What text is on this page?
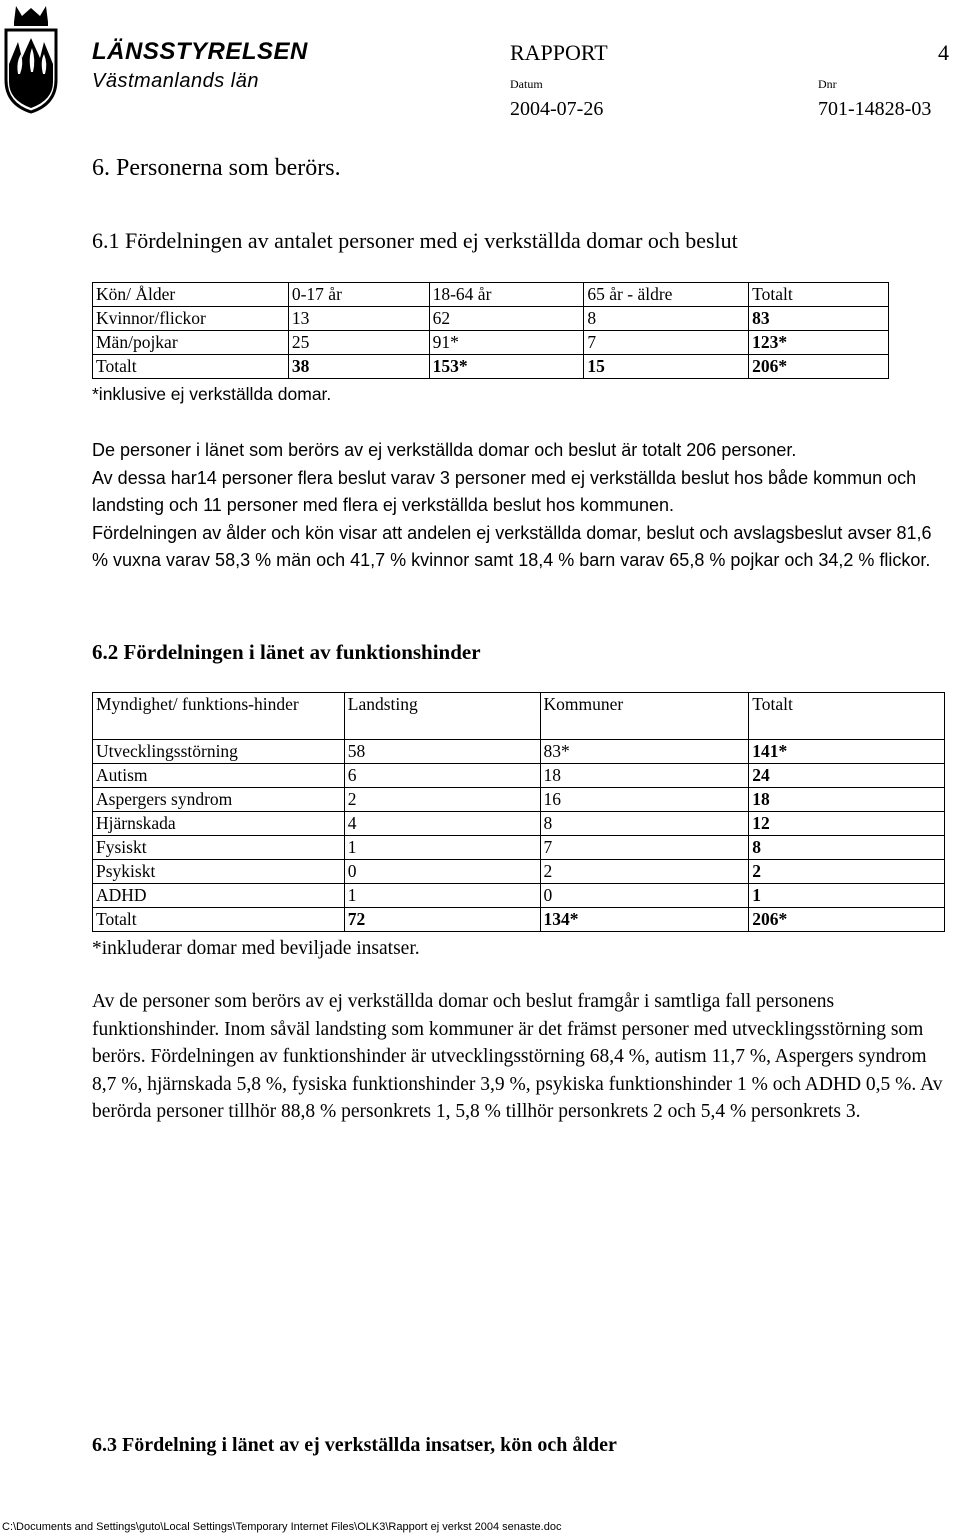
LÄNSSTYRELSEN
Västmanlands län
RAPPORT	4
Datum
2004-07-26
Dnr
701-14828-03
6. Personerna som berörs.
6.1 Fördelningen av antalet personer med ej verkställda domar och beslut
Kön/ Ålder	0-17 år	18-64 år	65 år - äldre	Totalt
Kvinnor/flickor	13	62	8	83
Män/pojkar	25	91*	7	123*
Totalt	38	153*	15	206*
*inklusive ej verkställda domar.

De personer i länet som berörs av ej verkställda domar och beslut är totalt 206 personer.

Av dessa har14 personer flera beslut varav 3 personer med ej verkställda beslut hos både kommun och landsting och 11 personer med flera ej verkställda beslut hos kommunen.

Fördelningen av ålder och kön visar att andelen ej verkställda domar, beslut och avslagsbeslut avser 81,6 % vuxna varav 58,3 % män och 41,7 % kvinnor samt 18,4 % barn varav 65,8 % pojkar och 34,2 % flickor.

6.2 Fördelningen i länet av funktionshinder
Myndighet/ funktions-hinder	Landsting	Kommuner	Totalt
Utvecklingsstörning	58	83*	141*
Autism	6	18	24
Aspergers syndrom	2	16	18
Hjärnskada	4	8	12
Fysiskt	1	7	8
Psykiskt	0	2	2
ADHD	1	0	1
Totalt	72	134*	206*
*inkluderar domar med beviljade insatser.
Av de personer som berörs av ej verkställda domar och beslut framgår i samtliga fall personens funktionshinder. Inom såväl landsting som kommuner är det främst personer med utvecklingsstörning som berörs. Fördelningen av funktionshinder är utvecklingsstörning 68,4 %, autism 11,7 %, Aspergers syndrom 8,7 %, hjärnskada 5,8 %, fysiska funktionshinder 3,9 %, psykiska funktionshinder 1 % och ADHD 0,5 %. Av berörda personer tillhör 88,8 % personkrets 1, 5,8 % tillhör personkrets 2 och 5,4 % personkrets 3.
6.3 Fördelning i länet av ej verkställda insatser, kön och ålder
C:\Documents and Settings\guto\Local Settings\Temporary Internet Files\OLK3\Rapport ej verkst 2004 senaste.doc
